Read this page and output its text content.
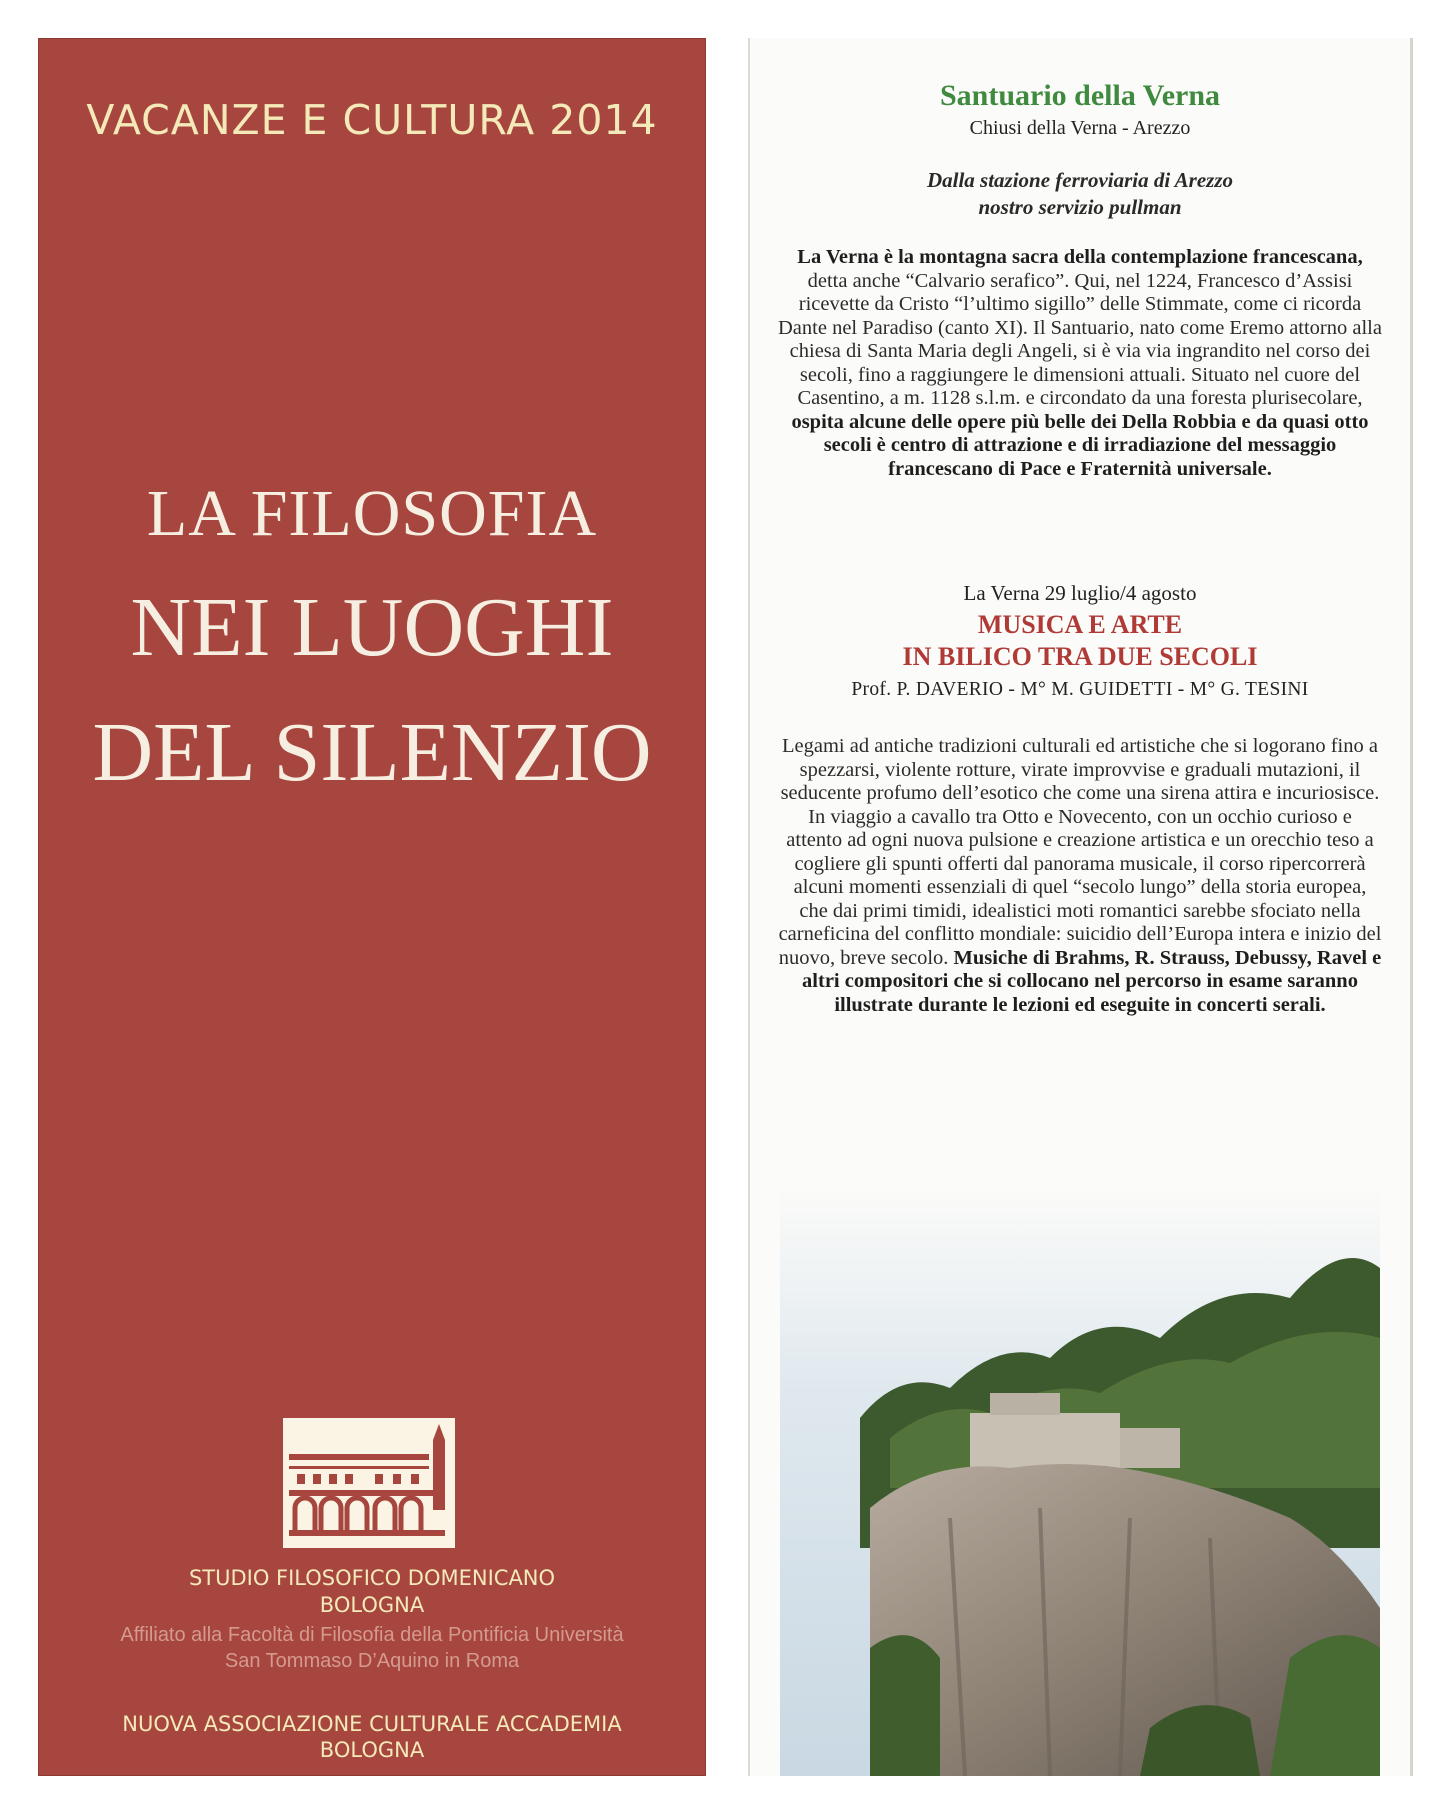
VACANZE E CULTURA 2014
LA FILOSOFIA
NEI LUOGHI
DEL SILENZIO
STUDIO FILOSOFICO DOMENICANO
BOLOGNA
Affiliato alla Facoltà di Filosofia della Pontificia Università
San Tommaso D’Aquino in Roma
NUOVA ASSOCIAZIONE CULTURALE ACCADEMIA
BOLOGNA
Santuario della Verna
Chiusi della Verna - Arezzo
Dalla stazione ferroviaria di Arezzo
nostro servizio pullman
La Verna è la montagna sacra della contemplazione francescana, detta anche “Calvario serafico”. Qui, nel 1224, Francesco d’Assisi ricevette da Cristo “l’ultimo sigillo” delle Stimmate, come ci ricorda Dante nel Paradiso (canto XI). Il Santuario, nato come Eremo attorno alla chiesa di Santa Maria degli Angeli, si è via via ingrandito nel corso dei secoli, fino a raggiungere le dimensioni attuali. Situato nel cuore del Casentino, a m. 1128 s.l.m. e circondato da una foresta plurisecolare, ospita alcune delle opere più belle dei Della Robbia e da quasi otto secoli è centro di attrazione e di irradiazione del messaggio francescano di Pace e Fraternità universale.
La Verna 29 luglio/4 agosto
MUSICA E ARTE
IN BILICO TRA DUE SECOLI
Prof. P. DAVERIO - M° M. GUIDETTI - M° G. TESINI
Legami ad antiche tradizioni culturali ed artistiche che si logorano fino a spezzarsi, violente rotture, virate improvvise e graduali mutazioni, il seducente profumo dell’esotico che come una sirena attira e incuriosisce. In viaggio a cavallo tra Otto e Novecento, con un occhio curioso e attento ad ogni nuova pulsione e creazione artistica e un orecchio teso a cogliere gli spunti offerti dal panorama musicale, il corso ripercorrerà alcuni momenti essenziali di quel “secolo lungo” della storia europea, che dai primi timidi, idealistici moti romantici sarebbe sfociato nella carneficina del conflitto mondiale: suicidio dell’Europa intera e inizio del nuovo, breve secolo. Musiche di Brahms, R. Strauss, Debussy, Ravel e altri compositori che si collocano nel percorso in esame saranno illustrate durante le lezioni ed eseguite in concerti serali.
